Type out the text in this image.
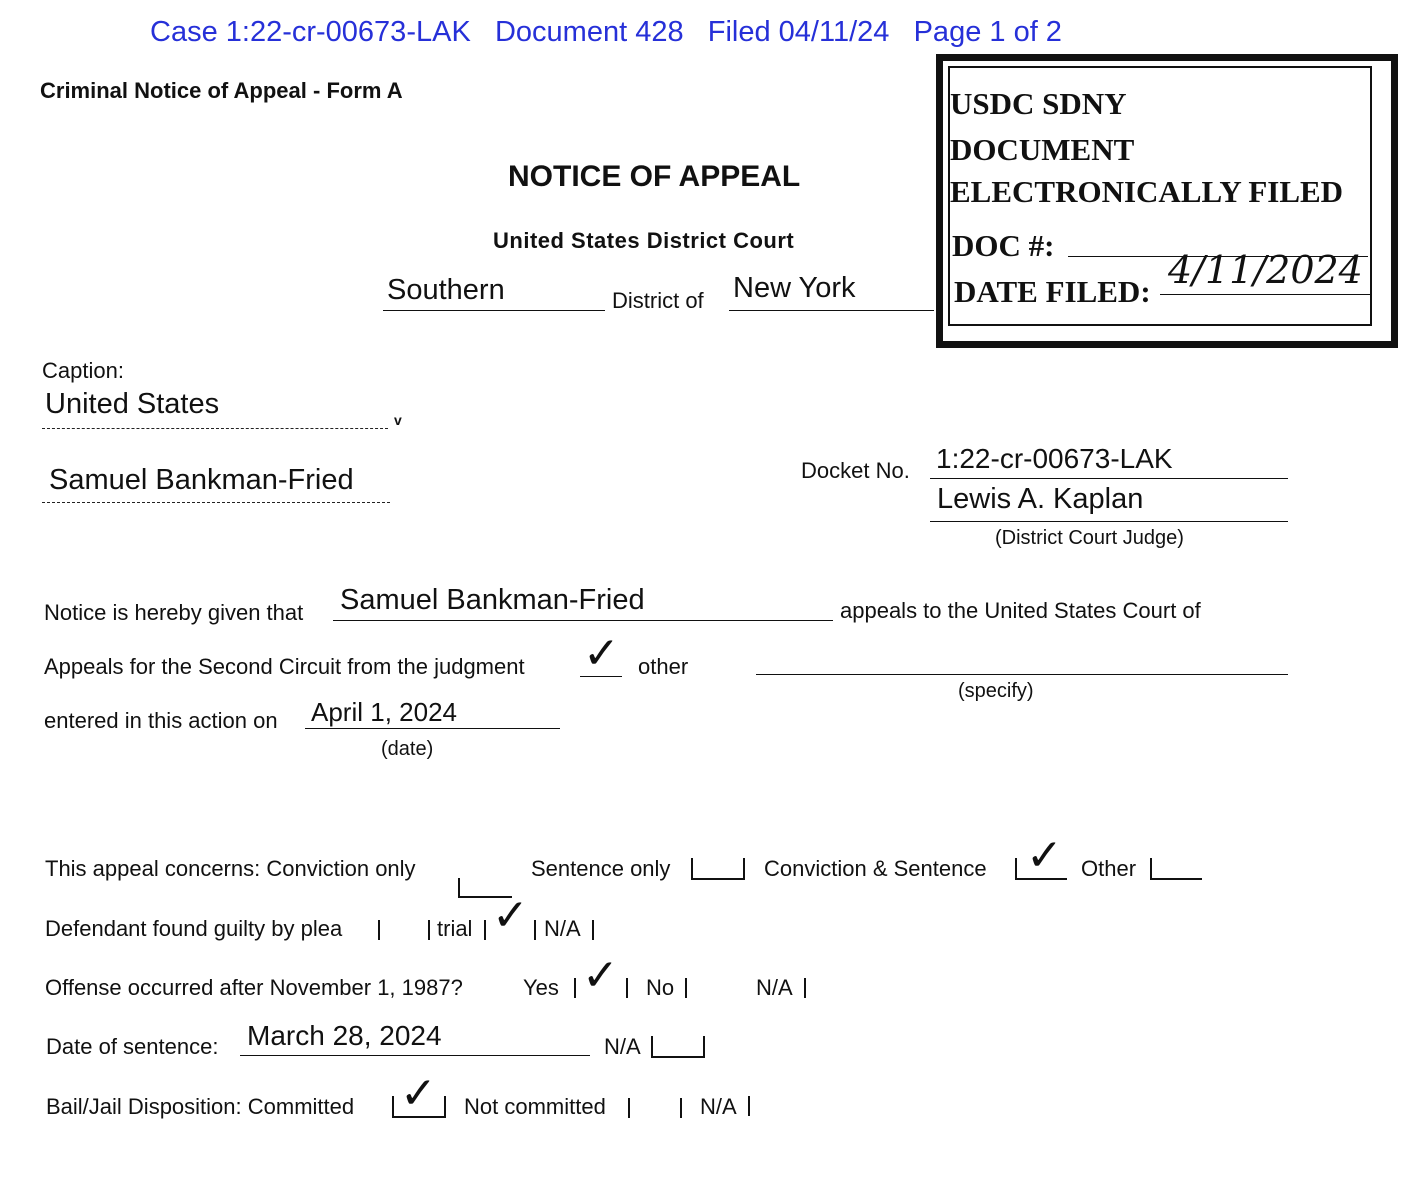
Case 1:22-cr-00673-LAK Document 428 Filed 04/11/24 Page 1 of 2
Criminal Notice of Appeal - Form A
NOTICE OF APPEAL
United States District Court
Southern	District of New York
USDC SDNY
DOCUMENT
ELECTRONICALLY FILED
DOC #:
DATE FILED: 4/11/2024
Caption:
United States	v
Samuel Bankman-Fried	Docket No. 1:22-cr-00673-LAK
Lewis A. Kaplan
(District Court Judge)
Notice is hereby given that Samuel Bankman-Fried	appeals to the United States Court of
Appeals for the Second Circuit from the judgment ✓ other
(specify)
entered in this action on April 1, 2024
(date)
This appeal concerns: Conviction only	Sentence only	Conviction & Sentence ✓ Other
Defendant found guilty by plea	trial ✓ N/A
Offense occurred after November 1, 1987?	Yes ✓ No	N/A
Date of sentence: March 28, 2024	N/A
Bail/Jail Disposition: Committed ✓ Not committed	N/A
